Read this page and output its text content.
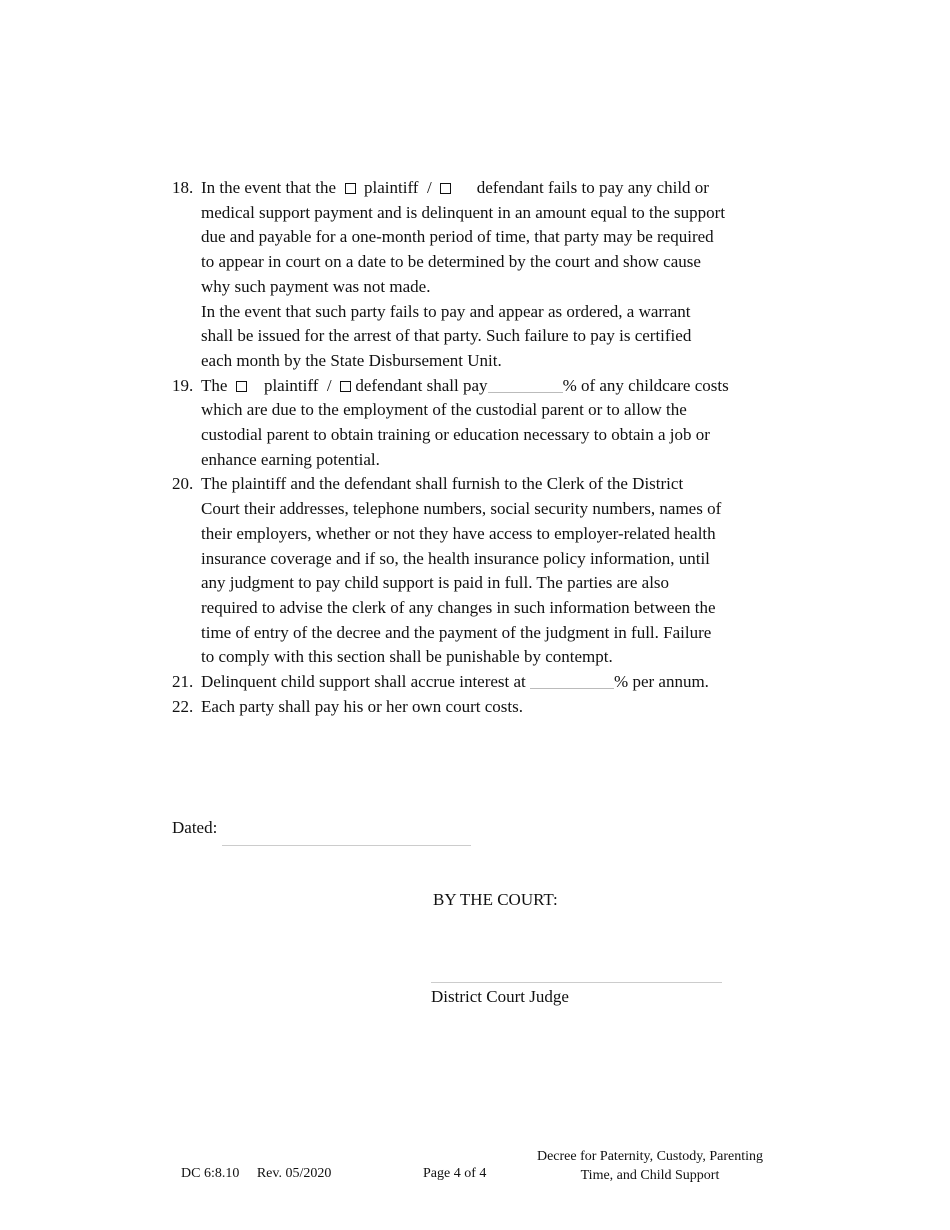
18. In the event that the plaintiff /	defendant fails to pay any child or
medical support payment and is delinquent in an amount equal to the support
due and payable for a one-month period of time, that party may be required
to appear in court on a date to be determined by the court and show cause
why such payment was not made.
In the event that such party fails to pay and appear as ordered, a warrant
shall be issued for the arrest of that party. Such failure to pay is certified
each month by the State Disbursement Unit.
19. The plaintiff / defendant shall pay	% of any childcare costs
which are due to the employment of the custodial parent or to allow the
custodial parent to obtain training or education necessary to obtain a job or
enhance earning potential.
20. The plaintiff and the defendant shall furnish to the Clerk of the District
Court their addresses, telephone numbers, social security numbers, names of
their employers, whether or not they have access to employer-related health
insurance coverage and if so, the health insurance policy information, until
any judgment to pay child support is paid in full. The parties are also
required to advise the clerk of any changes in such information between the
time of entry of the decree and the payment of the judgment in full. Failure
to comply with this section shall be punishable by contempt.
21. Delinquent child support shall accrue interest at	% per annum.
22. Each party shall pay his or her own court costs.
Dated:
BY THE COURT:
District Court Judge
DC 6:8.10     Rev. 05/2020	Page 4 of 4
Decree for Paternity, Custody, Parenting
Time, and Child Support
